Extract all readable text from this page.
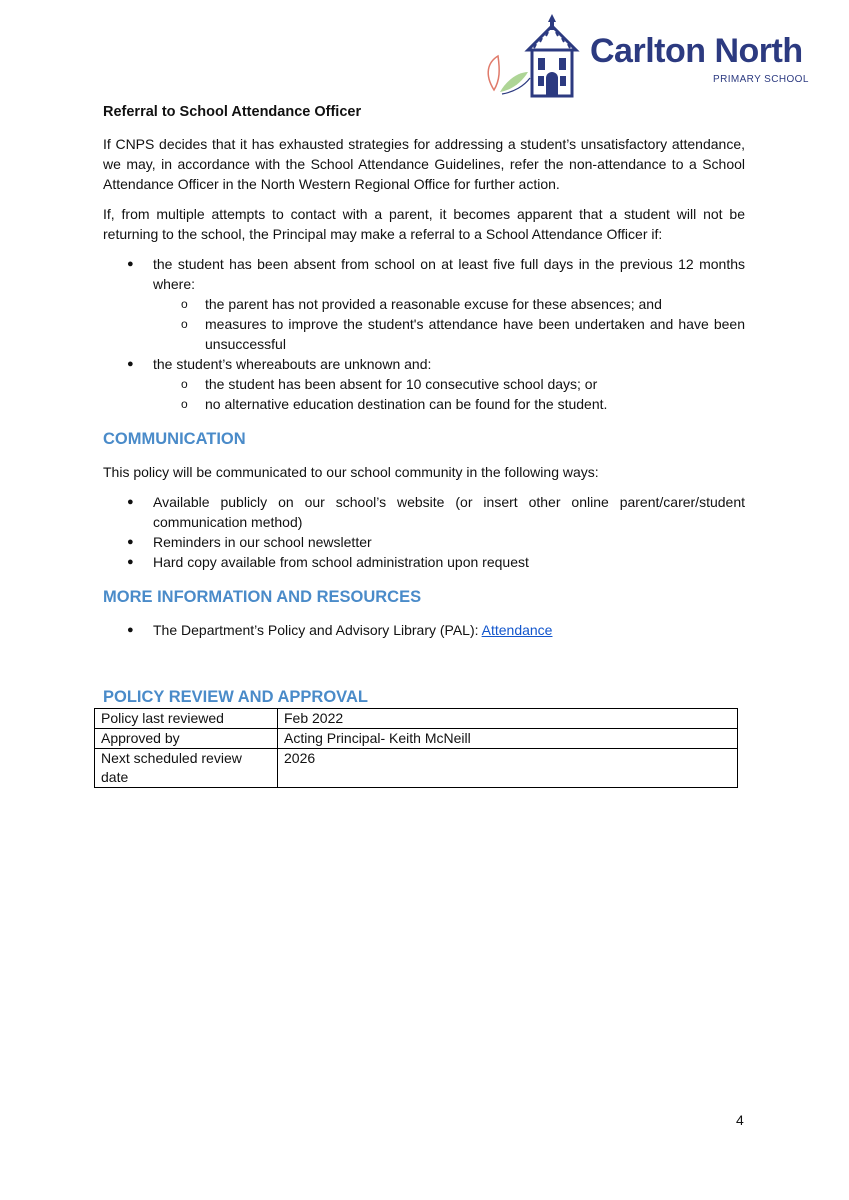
Carlton North
PRIMARY SCHOOL
Referral to School Attendance Officer

If CNPS decides that it has exhausted strategies for addressing a student’s unsatisfactory attendance, we may, in accordance with the School Attendance Guidelines, refer the non-attendance to a School Attendance Officer in the North Western Regional Office for further action.

If, from multiple attempts to contact with a parent, it becomes apparent that a student will not be returning to the school, the Principal may make a referral to a School Attendance Officer if:

● the student has been absent from school on at least five full days in the previous 12 months where:
o the parent has not provided a reasonable excuse for these absences; and
o measures to improve the student's attendance have been undertaken and have been unsuccessful
● the student’s whereabouts are unknown and:
o the student has been absent for 10 consecutive school days; or
o no alternative education destination can be found for the student.
COMMUNICATION

This policy will be communicated to our school community in the following ways:

● Available publicly on our school’s website (or insert other online parent/carer/student communication method)
● Reminders in our school newsletter
● Hard copy available from school administration upon request
MORE INFORMATION AND RESOURCES
● The Department’s Policy and Advisory Library (PAL): Attendance
POLICY REVIEW AND APPROVAL
Policy last reviewed	Feb 2022
Approved by	Acting Principal- Keith McNeill
Next scheduled review date	2026
4
